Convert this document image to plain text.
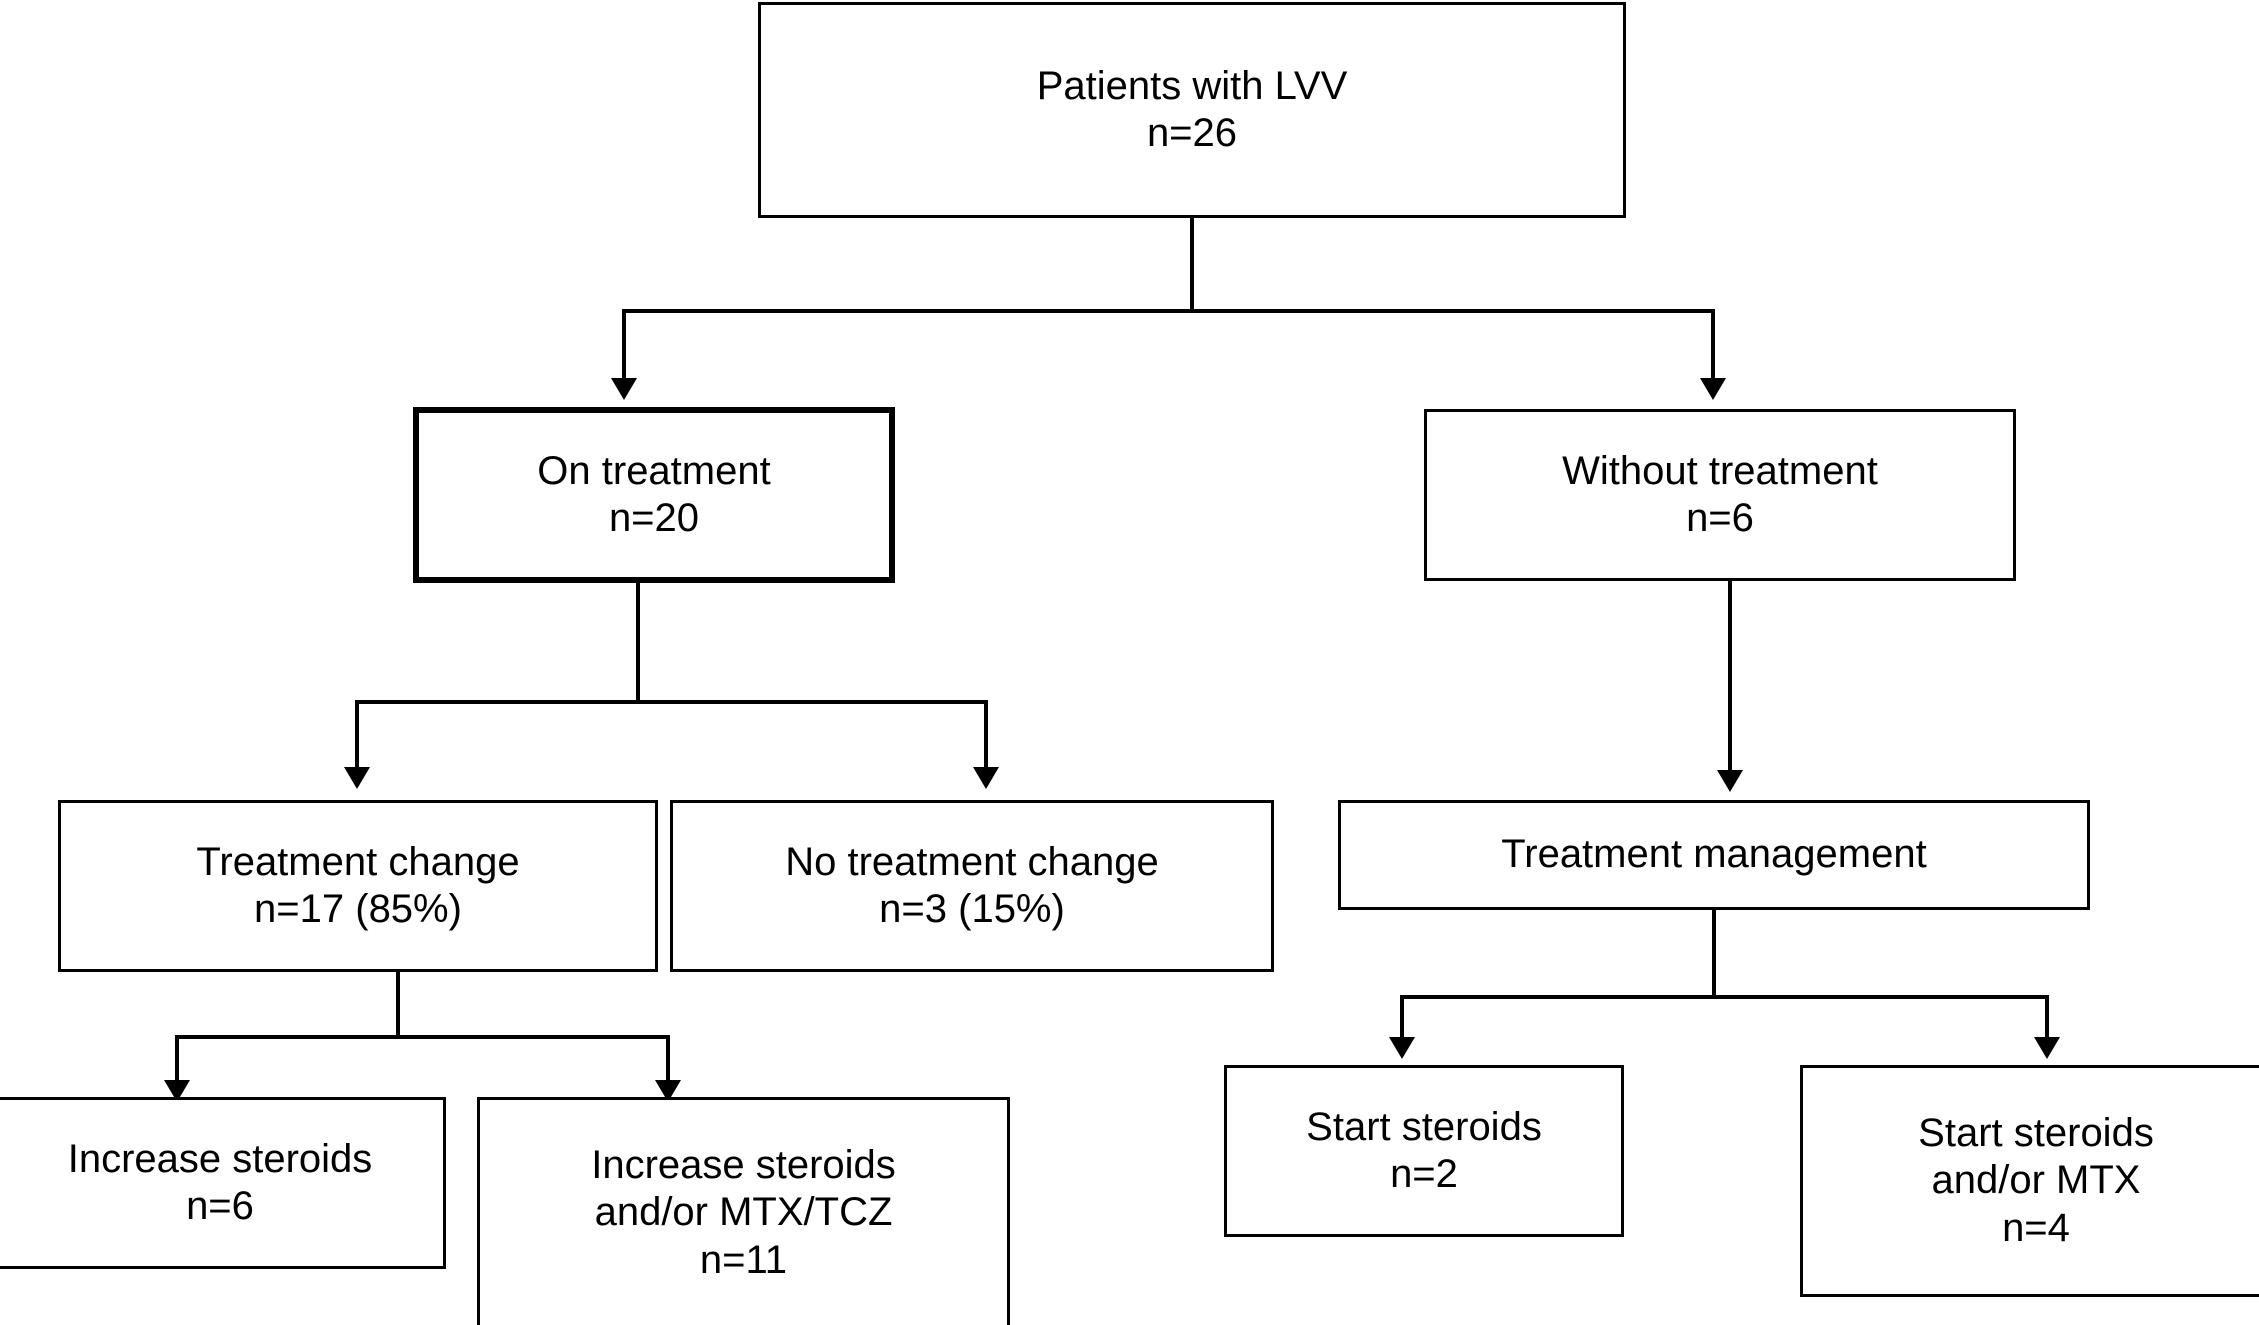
Patients with LVV
n=26
On treatment
n=20
Without treatment
n=6
Treatment change
n=17 (85%)
No treatment change
n=3 (15%)
Treatment management
Increase steroids
n=6
Increase steroids
and/or MTX/TCZ
n=11
Start steroids
n=2
Start steroids
and/or MTX
n=4
